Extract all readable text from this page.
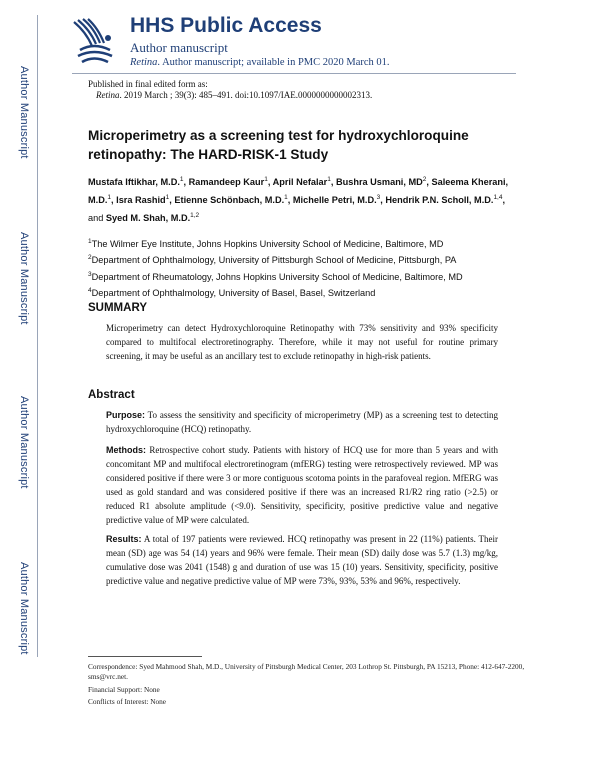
Author Manuscript
Author Manuscript
Author Manuscript
Author Manuscript
HHS Public Access
Author manuscript
Retina. Author manuscript; available in PMC 2020 March 01.
Published in final edited form as:
Retina. 2019 March ; 39(3): 485–491. doi:10.1097/IAE.0000000000002313.
Microperimetry as a screening test for hydroxychloroquine retinopathy: The HARD-RISK-1 Study
Mustafa Iftikhar, M.D.$^1$, Ramandeep Kaur$^1$, April Nefalar$^1$, Bushra Usmani, $MD^2$, Saleema Kherani, M.D.$^1$, Isra Rashid$^1$, Etienne Schönbach, M.D.$^1$, Michelle Petri, M.D.$^3$, Hendrik P.N. Scholl, M.D.$^{1,4}$, and Syed M. Shah, M.D.$^{1,2}$
$^1$The Wilmer Eye Institute, Johns Hopkins University School of Medicine, Baltimore, MD
$^2$Department of Ophthalmology, University of Pittsburgh School of Medicine, Pittsburgh, PA
$^3$Department of Rheumatology, Johns Hopkins University School of Medicine, Baltimore, MD
$^4$Department of Ophthalmology, University of Basel, Basel, Switzerland
SUMMARY
Microperimetry can detect Hydroxychloroquine Retinopathy with 73% sensitivity and 93% specificity compared to multifocal electroretinography. Therefore, while it may not useful for routine primary screening, it may be useful as an ancillary test to exclude retinopathy in high-risk patients.
Abstract
Purpose: To assess the sensitivity and specificity of microperimetry (MP) as a screening test to detecting hydroxychloroquine (HCQ) retinopathy.
Methods: Retrospective cohort study. Patients with history of HCQ use for more than 5 years and with concomitant MP and multifocal electroretinogram (mfERG) testing were retrospectively reviewed. MP was considered positive if there were 3 or more contiguous scotoma points in the parafoveal region. MfERG was used as gold standard and was considered positive if there was an increased R1/R2 ring ratio (>2.5) or reduced R1 absolute amplitude (<9.0). Sensitivity, specificity, positive predictive value and negative predictive value of MP were calculated.
Results: A total of 197 patients were reviewed. HCQ retinopathy was present in 22 (11%) patients. Their mean (SD) age was 54 (14) years and 96% were female. Their mean (SD) daily dose was 5.7 (1.3) mg/kg, cumulative dose was 2041 (1548) g and duration of use was 15 (10) years. Sensitivity, specificity, positive predictive value and negative predictive value of MP were 73%, 93%, 53% and 96%, respectively.
Correspondence: Syed Mahmood Shah, M.D., University of Pittsburgh Medical Center, 203 Lothrop St. Pittsburgh, PA 15213, Phone: 412-647-2200, sms@vrc.net.
Financial Support: None
Conflicts of Interest: None
